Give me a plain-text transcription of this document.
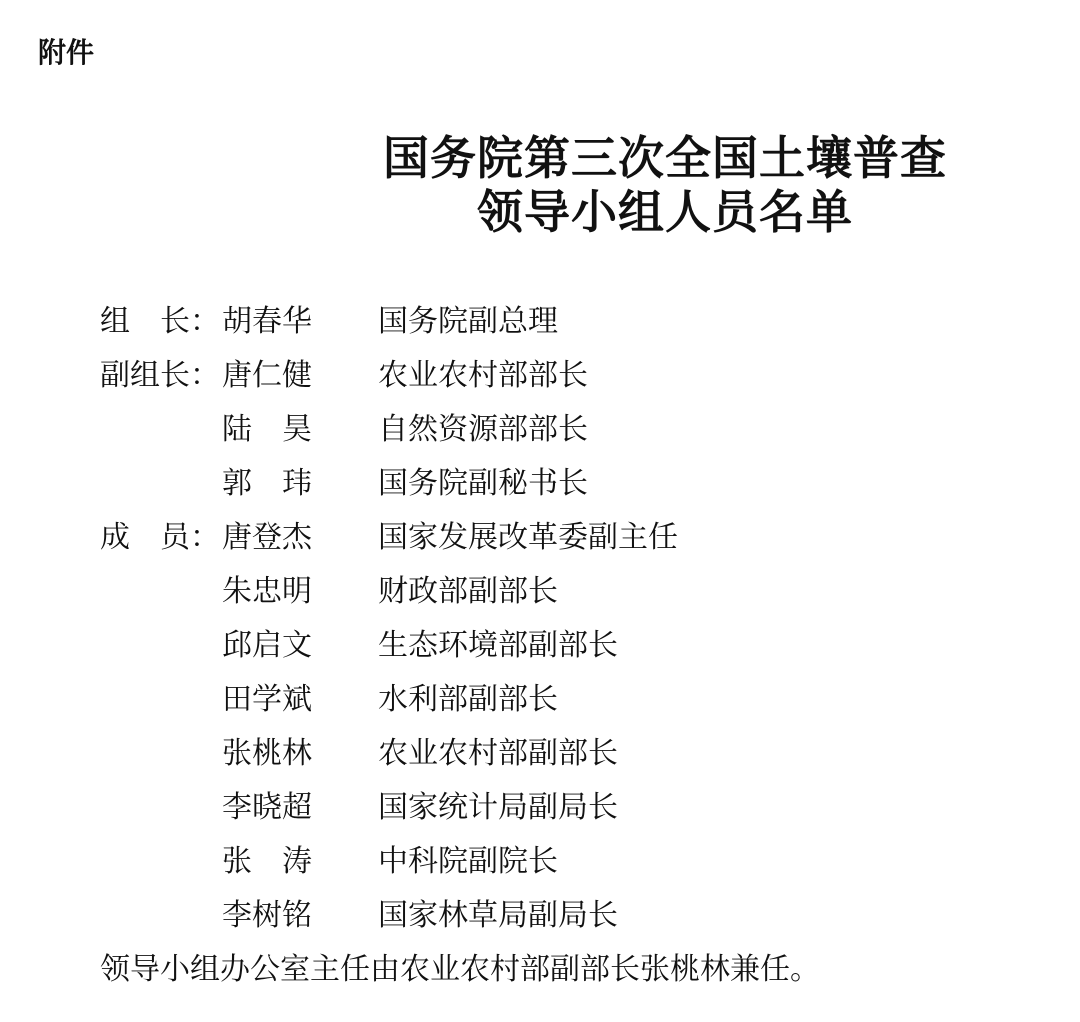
附件
国务院第三次全国土壤普查
领导小组人员名单
组　长： 胡春华	国务院副总理
副组长： 唐仁健	农业农村部部长
陆　昊	自然资源部部长
郭　玮	国务院副秘书长
成　员： 唐登杰	国家发展改革委副主任
朱忠明	财政部副部长
邱启文	生态环境部副部长
田学斌	水利部副部长
张桃林	农业农村部副部长
李晓超	国家统计局副局长
张　涛	中科院副院长
李树铭	国家林草局副局长
领导小组办公室主任由农业农村部副部长张桃林兼任。
